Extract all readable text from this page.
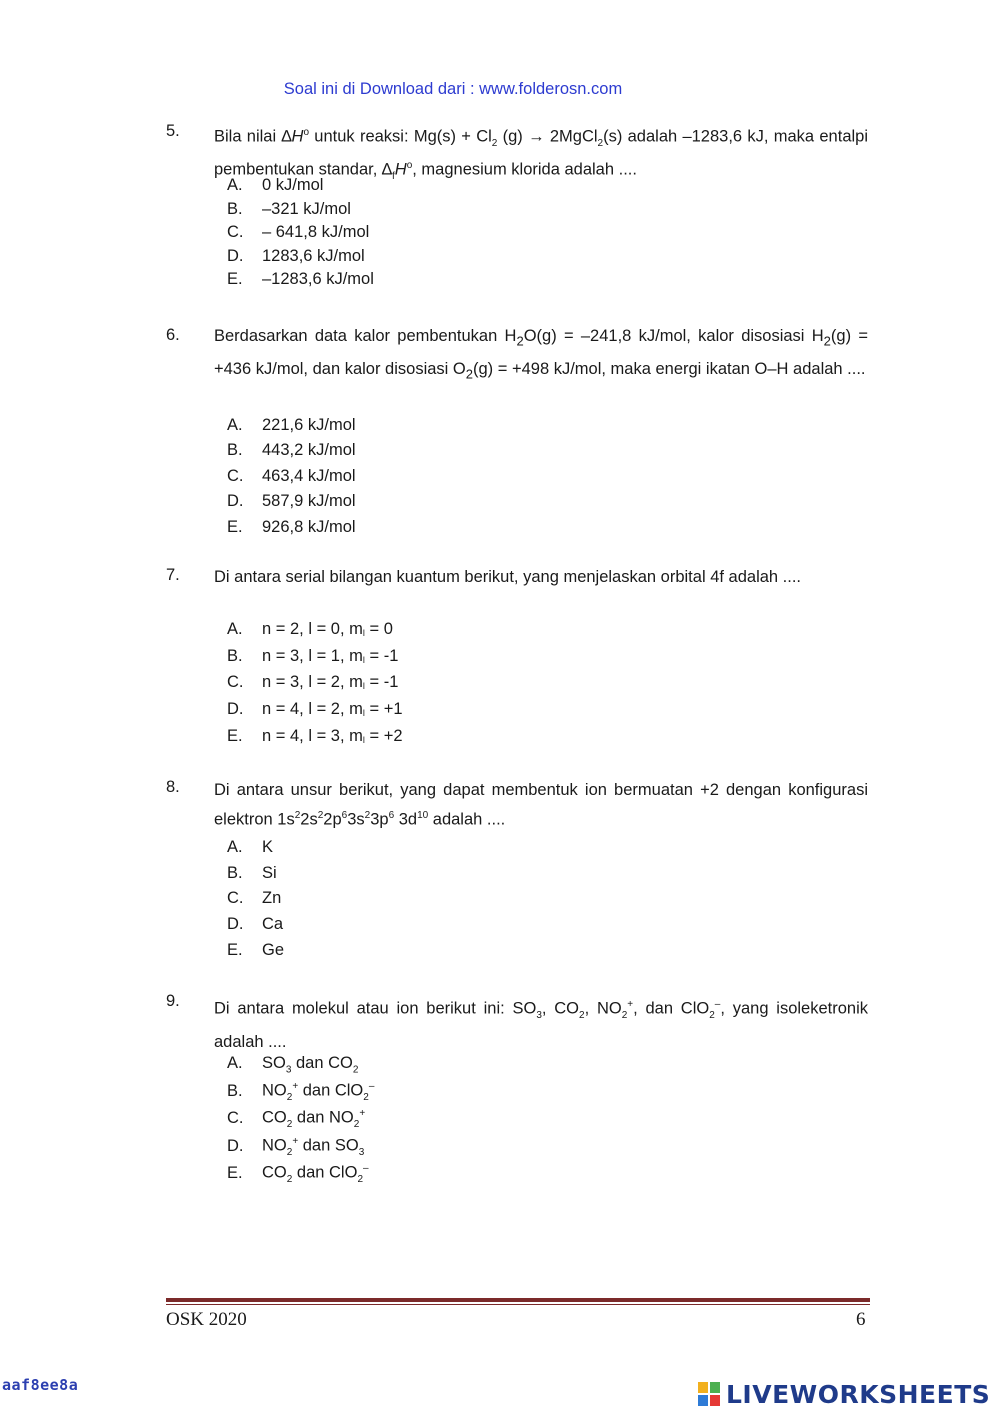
Soal ini di Download dari : www.folderosn.com
5. Bila nilai $\Delta H^o$ untuk reaksi: $Mg(s) + Cl_2$ (g) → 2MgCl$_2$(s) adalah –1283,6 kJ, maka entalpi pembentukan standar, $\Delta_fH^o$, magnesium klorida adalah ....
A. 0 kJ/mol
B. –321 kJ/mol
C. – 641,8 kJ/mol
D. 1283,6 kJ/mol
E. –1283,6 kJ/mol
6. Berdasarkan data kalor pembentukan $H_2O(g) = -241,8$ kJ/mol, kalor disosiasi $H_2(g) = +436$ kJ/mol, dan kalor disosiasi $O_2(g) = +498$ kJ/mol, maka energi ikatan O–H adalah ....
A. 221,6 kJ/mol
B. 443,2 kJ/mol
C. 463,4 kJ/mol
D. 587,9 kJ/mol
E. 926,8 kJ/mol
7. Di antara serial bilangan kuantum berikut, yang menjelaskan orbital 4f adalah ....
A. n = 2, l = 0, $m_l = 0$
B. n = 3, l = 1, $m_l = -1$
C. n = 3, l = 2, $m_l = -1$
D. n = 4, l = 2, $m_l = +1$
E. n = 4, l = 3, $m_l = +2$
8. Di antara unsur berikut, yang dapat membentuk ion bermuatan +2 dengan konfigurasi elektron $1s^22s^22p^63s^23p^6$ $3d^{10}$ adalah ....
A. K
B. Si
C. Zn
D. Ca
E. Ge
9. Di antara molekul atau ion berikut ini: $SO_3$, $CO_2$, $NO_2^+$, dan ClO$_2$–, yang isoleketronik adalah ....
A. $SO_3$ dan $CO_2$
B. $NO_2^+$ dan ClO$_2$–
C. $CO_2$ dan $NO_2^+$
D. $NO_2^+$ dan $SO_3$
E. $CO_2$ dan ClO$_2$–
OSK 2020	6
aaf8ee8a	LIVEWORKSHEETS
